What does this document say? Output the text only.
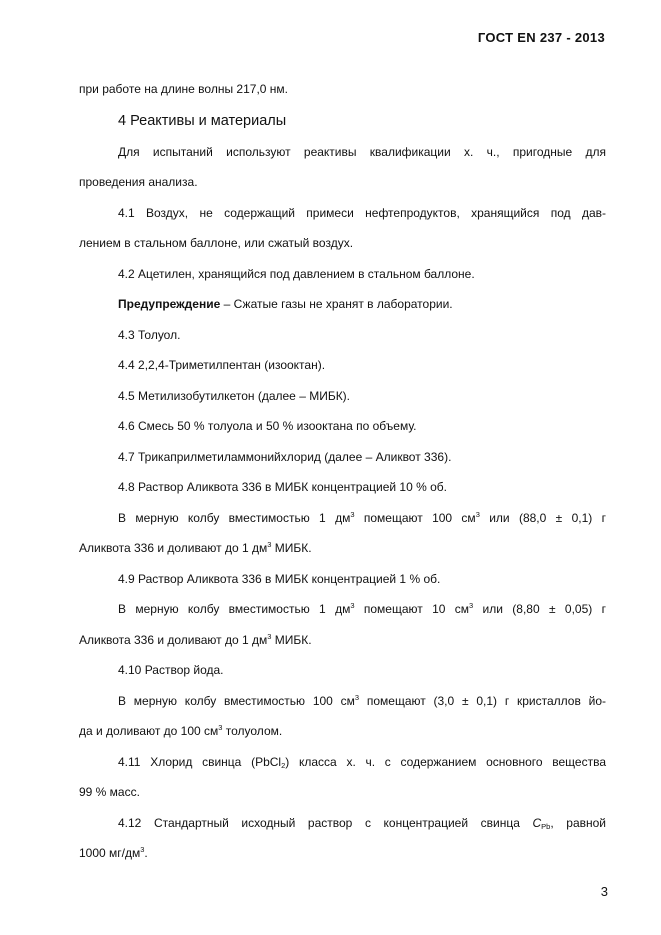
ГОСТ EN 237 - 2013
при работе на длине волны 217,0 нм.
4 Реактивы и материалы
Для испытаний используют реактивы квалификации х. ч., пригодные для
проведения анализа.
4.1 Воздух, не содержащий примеси нефтепродуктов, хранящийся под дав-
лением в стальном баллоне, или сжатый воздух.
4.2 Ацетилен, хранящийся под давлением в стальном баллоне.
Предупреждение – Сжатые газы не хранят в лаборатории.
4.3 Толуол.
4.4 2,2,4-Триметилпентан (изооктан).
4.5 Метилизобутилкетон (далее – МИБК).
4.6 Смесь 50 % толуола и 50 % изооктана по объему.
4.7 Трикаприлметиламмонийхлорид (далее – Аликвот 336).
4.8 Раствор Аликвота 336 в МИБК концентрацией 10 % об.
В мерную колбу вместимостью 1 $дм^3$ помещают 100 $см^3$ или (88,0 ± 0,1) г
Аликвота 336 и доливают до 1 $дм^3$ МИБК.
4.9 Раствор Аликвота 336 в МИБК концентрацией 1 % об.
В мерную колбу вместимостью 1 $дм^3$ помещают 10 $см^3$ или (8,80 ± 0,05) г
Аликвота 336 и доливают до 1 $дм^3$ МИБК.
4.10 Раствор йода.
В мерную колбу вместимостью 100 $см^3$ помещают (3,0 ± 0,1) г кристаллов йо-
да и доливают до 100 $см^3$ толуолом.
4.11 Хлорид свинца (PbCl$_2$) класса х. ч. с содержанием основного вещества
99 % масс.
4.12 Стандартный исходный раствор с концентрацией свинца $C_{Pb}$, равной
1000 $мг/дм^3$.
3
